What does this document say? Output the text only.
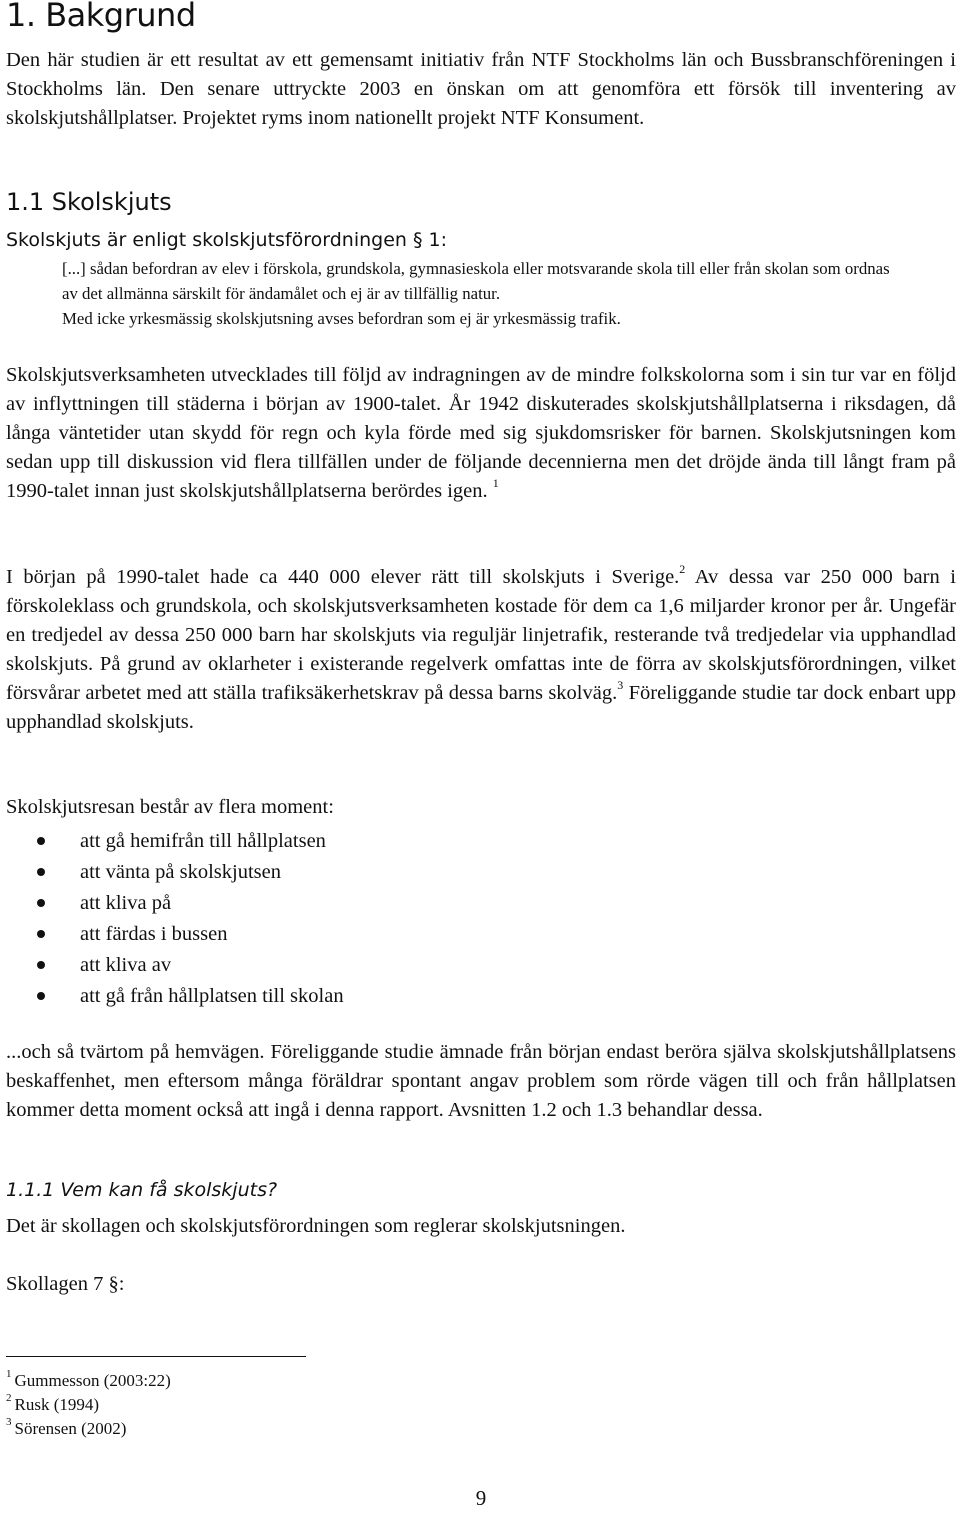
1. Bakgrund

Den här studien är ett resultat av ett gemensamt initiativ från NTF Stockholms län och Bussbranschföreningen i Stockholms län. Den senare uttryckte 2003 en önskan om att genomföra ett försök till inventering av skolskjutshållplatser. Projektet ryms inom nationellt projekt NTF Konsument.

1.1 Skolskjuts
Skolskjuts är enligt skolskjutsförordningen § 1:
[...] sådan befordran av elev i förskola, grundskola, gymnasieskola eller motsvarande skola till eller från skolan som ordnas av det allmänna särskilt för ändamålet och ej är av tillfällig natur.
Med icke yrkesmässig skolskjutsning avses befordran som ej är yrkesmässig trafik.

Skolskjutsverksamheten utvecklades till följd av indragningen av de mindre folkskolorna som i sin tur var en följd av inflyttningen till städerna i början av 1900-talet. År 1942 diskuterades skolskjutshållplatserna i riksdagen, då långa väntetider utan skydd för regn och kyla förde med sig sjukdomsrisker för barnen. Skolskjutsningen kom sedan upp till diskussion vid flera tillfällen under de följande decennierna men det dröjde ända till långt fram på 1990-talet innan just skolskjutshållplatserna berördes igen. $^1$

I början på 1990-talet hade ca 440 000 elever rätt till skolskjuts i Sverige.$^2$ Av dessa var 250 000 barn i förskoleklass och grundskola, och skolskjutsverksamheten kostade för dem ca 1,6 miljarder kronor per år. Ungefär en tredjedel av dessa 250 000 barn har skolskjuts via reguljär linjetrafik, resterande två tredjedelar via upphandlad skolskjuts. På grund av oklarheter i existerande regelverk omfattas inte de förra av skolskjutsförordningen, vilket försvårar arbetet med att ställa trafiksäkerhetskrav på dessa barns skolväg.$^3$ Föreliggande studie tar dock enbart upp upphandlad skolskjuts.

Skolskjutsresan består av flera moment:
att gå hemifrån till hållplatsen
att vänta på skolskjutsen
att kliva på
att färdas i bussen
att kliva av
att gå från hållplatsen till skolan

...och så tvärtom på hemvägen. Föreliggande studie ämnade från början endast beröra själva skolskjutshållplatsens beskaffenhet, men eftersom många föräldrar spontant angav problem som rörde vägen till och från hållplatsen kommer detta moment också att ingå i denna rapport. Avsnitten 1.2 och 1.3 behandlar dessa.

1.1.1 Vem kan få skolskjuts?
Det är skollagen och skolskjutsförordningen som reglerar skolskjutsningen.
Skollagen 7 §:
$^1$ Gummesson (2003:22)
$^2$ Rusk (1994)
$^3$ Sörensen (2002)
9
